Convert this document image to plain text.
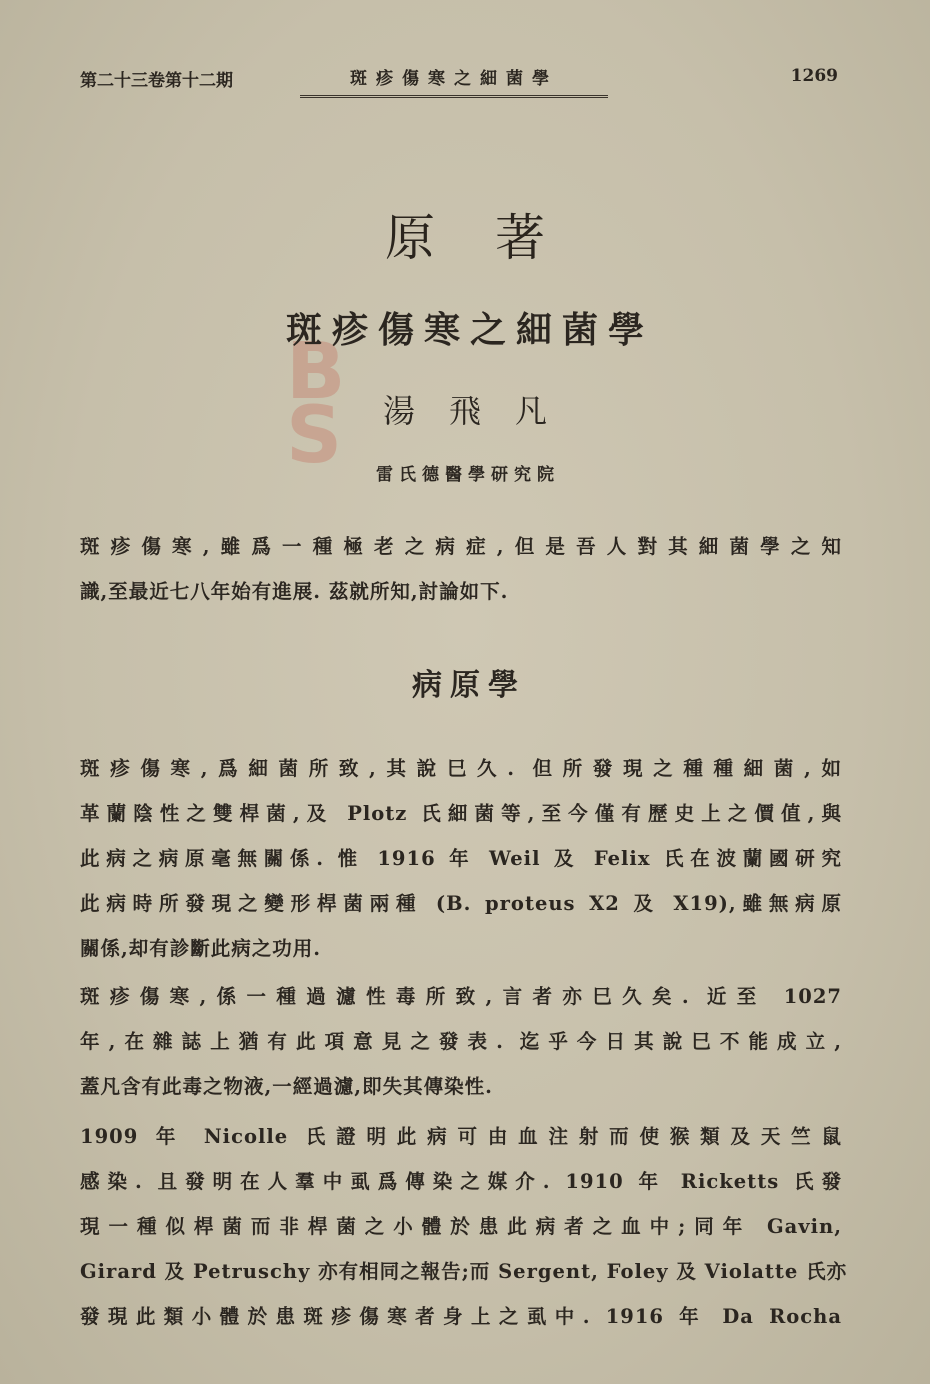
第二十三卷第十二期	斑疹傷寒之細菌學	1269
B
S
原著
斑疹傷寒之細菌學
湯飛凡
雷氏德醫學研究院
斑疹傷寒,雖爲一種極老之病症,但是吾人對其細菌學之知
識,至最近七八年始有進展. 茲就所知,討論如下.
病原學
斑疹傷寒,爲細菌所致,其說巳久. 但所發現之種種細菌,如
革蘭陰性之雙桿菌,及 Plotz 氏細菌等,至今僅有歷史上之價值,與
此病之病原毫無關係. 惟 1916 年 Weil 及 Felix 氏在波蘭國研究
此病時所發現之變形桿菌兩種 (B. proteus X2 及 X19),雖無病原
關係,却有診斷此病之功用.
斑疹傷寒,係一種過濾性毒所致,言者亦巳久矣. 近至 1027
年,在雜誌上猶有此項意見之發表. 迄乎今日其說巳不能成立,
蓋凡含有此毒之物液,一經過濾,即失其傳染性.
1909 年 Nicolle 氏證明此病可由血注射而使猴類及天竺鼠
感染. 且發明在人羣中虱爲傳染之媒介. 1910 年 Ricketts 氏發
現一種似桿菌而非桿菌之小體於患此病者之血中;同年 Gavin,
Girard 及 Petruschy 亦有相同之報告;而 Sergent, Foley 及 Violatte 氏亦
發現此類小體於患斑疹傷寒者身上之虱中. 1916 年 Da Rocha
